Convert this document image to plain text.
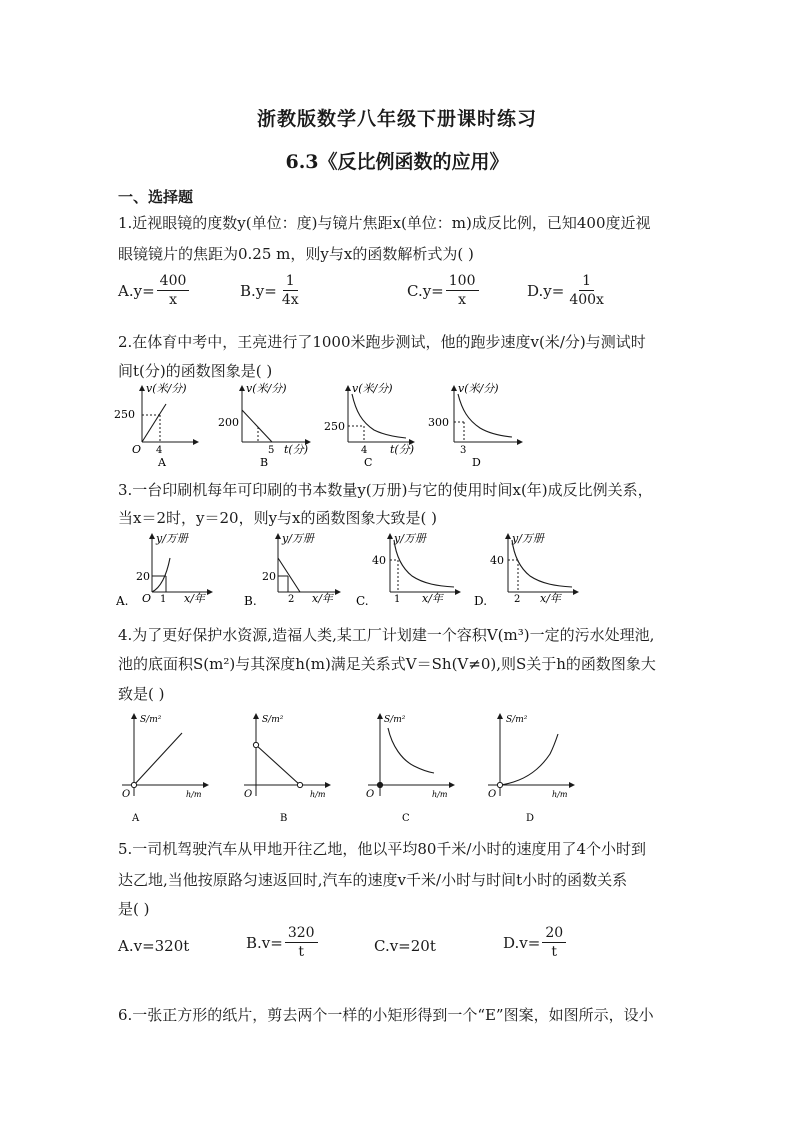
浙教版数学八年级下册课时练习
6.3《反比例函数的应用》
一、选择题
1.近视眼镜的度数y(单位：度)与镜片焦距x(单位：m)成反比例，已知400度近视
眼镜镜片的焦距为0.25 m，则y与x的函数解析式为( )
$A.y= \frac{400}{x}$	$B.y= \frac{1}{4x}$	$C.y= \frac{100}{x}$	$D.y= \frac{1}{400x}$
2.在体育中考中，王亮进行了1000米跑步测试，他的跑步速度v(米/分)与测试时
间t(分)的函数图象是( )
v(米/分)
250
O 4
A
v(米/分)
200
5 t(分)
B
v(米/分)
250
4 t(分)
C
v(米/分)
300
3
D
3.一台印刷机每年可印刷的书本数量y(万册)与它的使用时间x(年)成反比例关系，
当x＝2时，y＝20，则y与x的函数图象大致是( )
y/万册
20
O 1
A.	x/年
y/万册
20
2
B.	x/年
y/万册
40
1
C.	x/年
y/万册
40
2
D.	x/年
4.为了更好保护水资源,造福人类,某工厂计划建一个容积V(m³)一定的污水处理池,
池的底面积S(m²)与其深度h(m)满足关系式V＝Sh(V≠0),则S关于h的函数图象大
致是( )
S/m²
O	h/m
A
S/m²
O	h/m
B
S/m²
O	h/m
C
S/m²
O	h/m
D
5.一司机驾驶汽车从甲地开往乙地，他以平均80千米/小时的速度用了4个小时到
达乙地,当他按原路匀速返回时,汽车的速度v千米/小时与时间t小时的函数关系
是( )
A.v=320t	$B.v= \frac{320}{t}$	C.v=20t	$D.v= \frac{20}{t}$
6.一张正方形的纸片，剪去两个一样的小矩形得到一个“E”图案，如图所示，设小
